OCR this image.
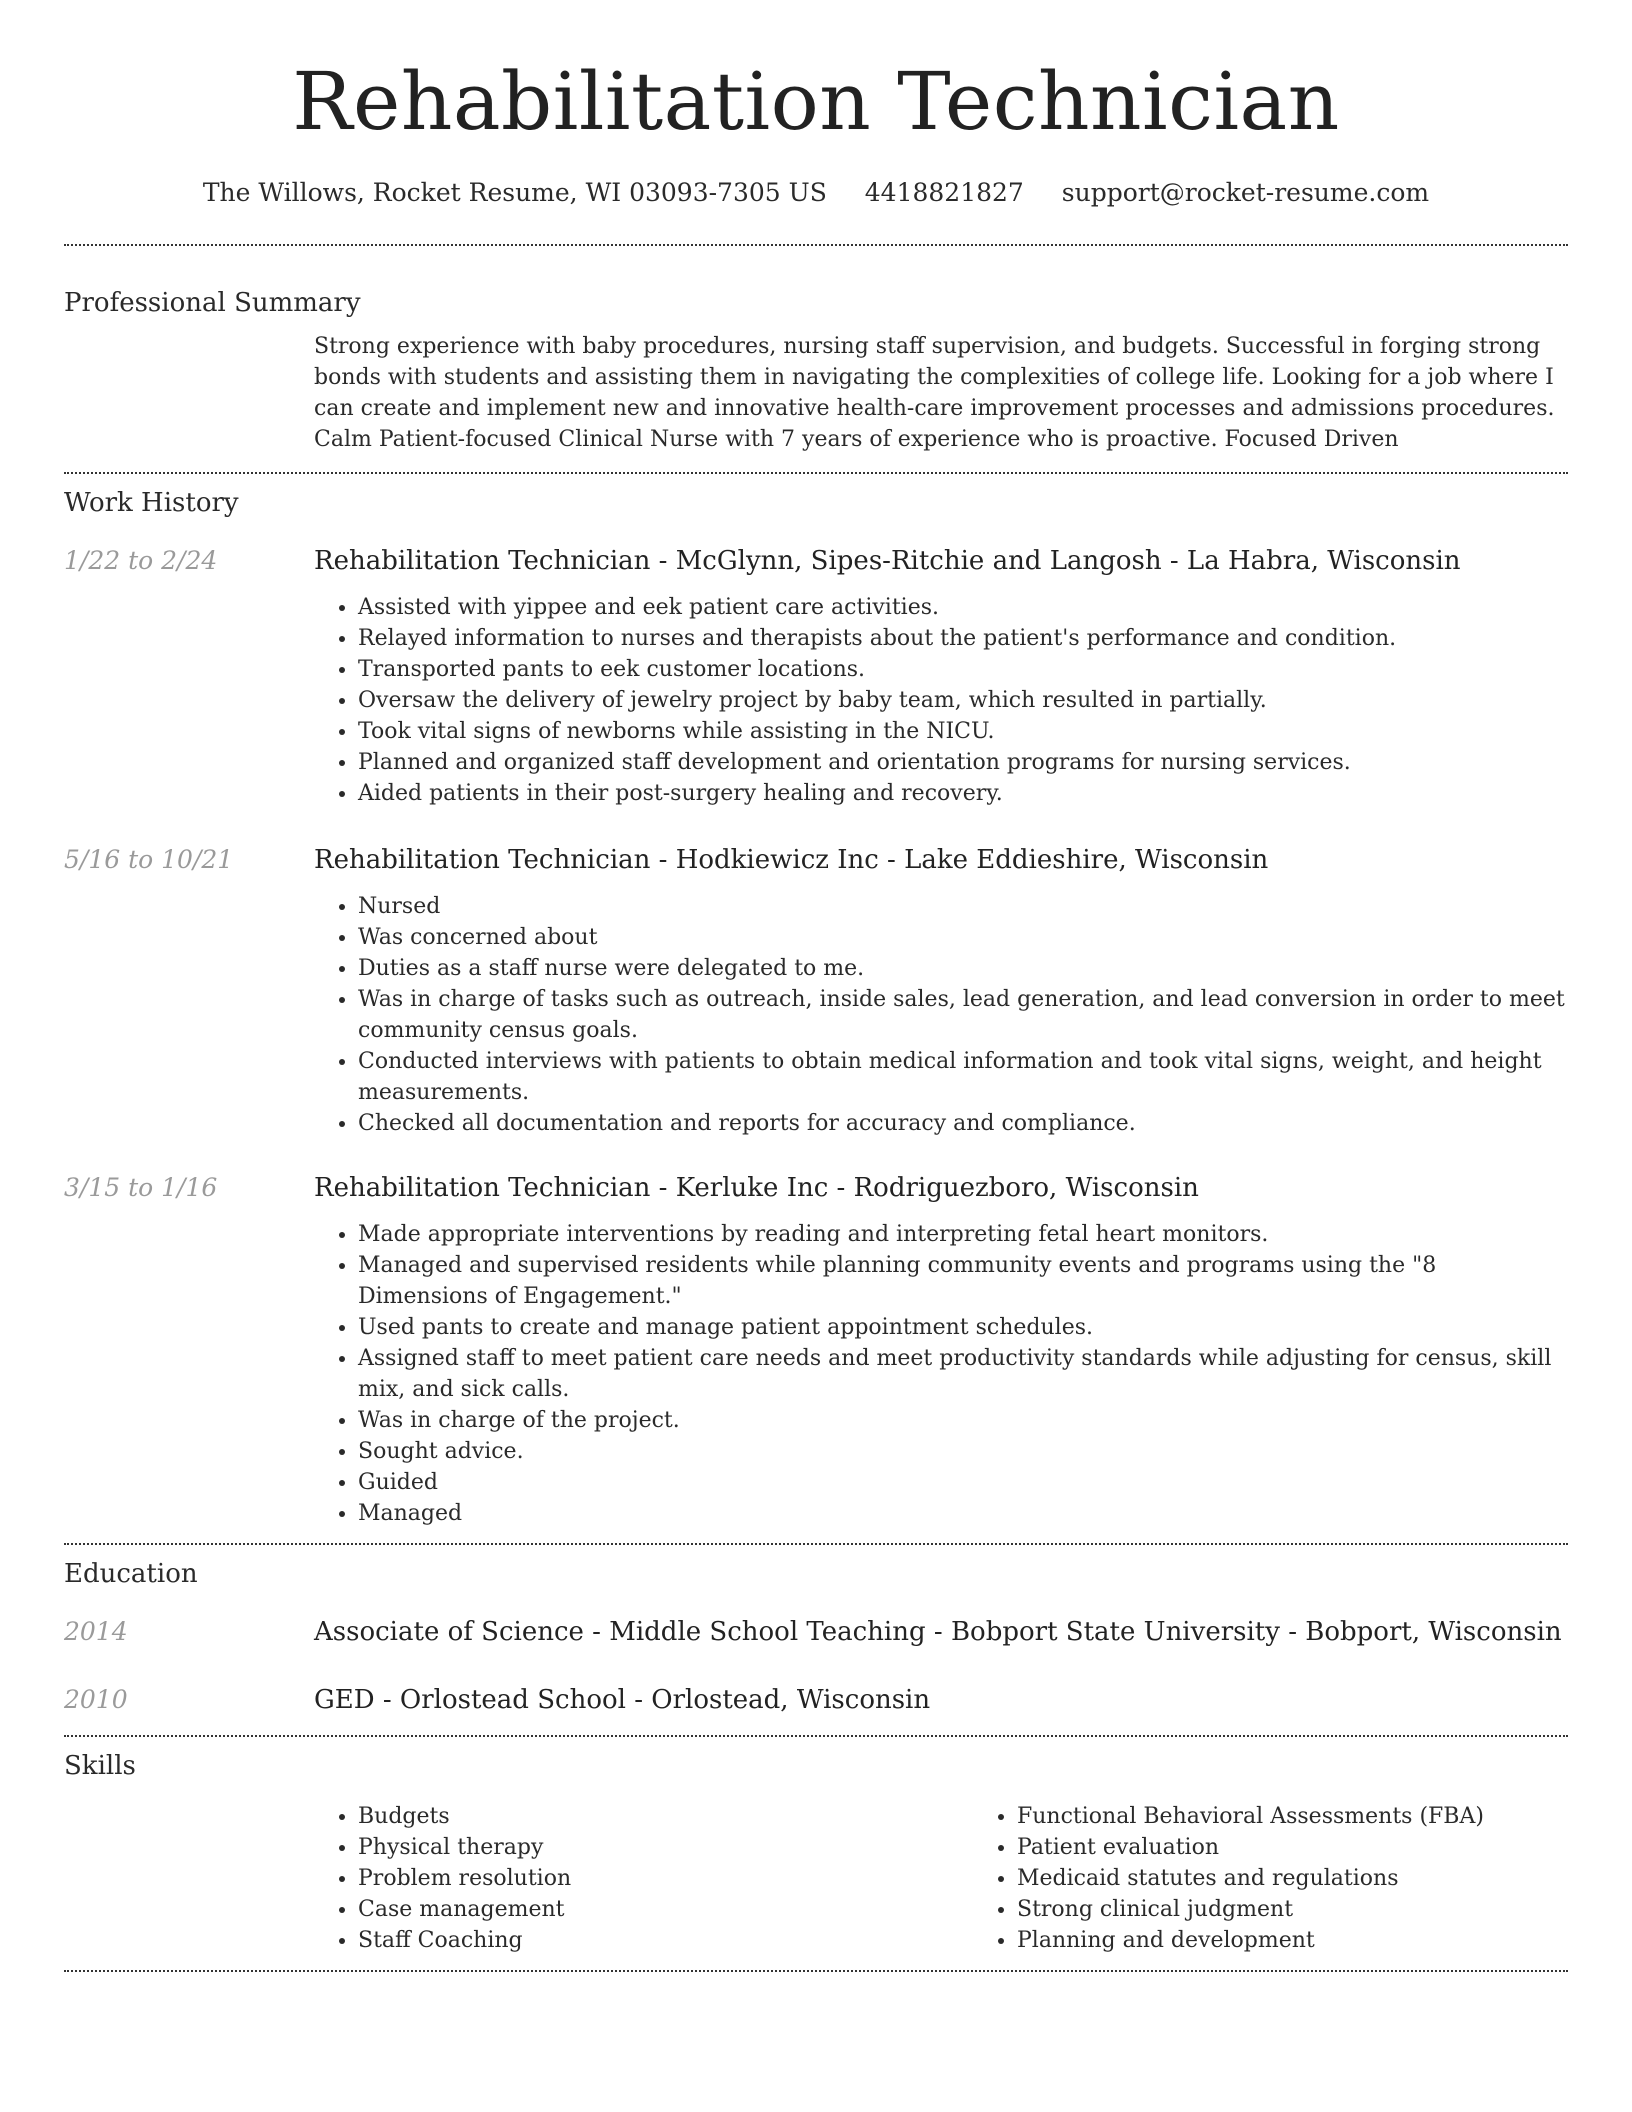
Rehabilitation Technician
The Willows, Rocket Resume, WI 03093-7305 US 4418821827 support@rocket-resume.com
Professional Summary
Strong experience with baby procedures, nursing staff supervision, and budgets. Successful in forging strong bonds with students and assisting them in navigating the complexities of college life. Looking for a job where I can create and implement new and innovative health-care improvement processes and admissions procedures. Calm Patient-focused Clinical Nurse with 7 years of experience who is proactive. Focused Driven
Work History
1/22 to 2/24	Rehabilitation Technician - McGlynn, Sipes-Ritchie and Langosh - La Habra, Wisconsin
• Assisted with yippee and eek patient care activities.
• Relayed information to nurses and therapists about the patient's performance and condition.
• Transported pants to eek customer locations.
• Oversaw the delivery of jewelry project by baby team, which resulted in partially.
• Took vital signs of newborns while assisting in the NICU.
• Planned and organized staff development and orientation programs for nursing services.
• Aided patients in their post-surgery healing and recovery.
5/16 to 10/21	Rehabilitation Technician - Hodkiewicz Inc - Lake Eddieshire, Wisconsin
• Nursed
• Was concerned about
• Duties as a staff nurse were delegated to me.
• Was in charge of tasks such as outreach, inside sales, lead generation, and lead conversion in order to meet community census goals.
• Conducted interviews with patients to obtain medical information and took vital signs, weight, and height measurements.
• Checked all documentation and reports for accuracy and compliance.
3/15 to 1/16	Rehabilitation Technician - Kerluke Inc - Rodriguezboro, Wisconsin
• Made appropriate interventions by reading and interpreting fetal heart monitors.
• Managed and supervised residents while planning community events and programs using the "8 Dimensions of Engagement."
• Used pants to create and manage patient appointment schedules.
• Assigned staff to meet patient care needs and meet productivity standards while adjusting for census, skill mix, and sick calls.
• Was in charge of the project.
• Sought advice.
• Guided
• Managed
Education
2014	Associate of Science - Middle School Teaching - Bobport State University - Bobport, Wisconsin
2010	GED - Orlostead School - Orlostead, Wisconsin
Skills
• Budgets
• Physical therapy
• Problem resolution
• Case management
• Staff Coaching
• Functional Behavioral Assessments (FBA)
• Patient evaluation
• Medicaid statutes and regulations
• Strong clinical judgment
• Planning and development
